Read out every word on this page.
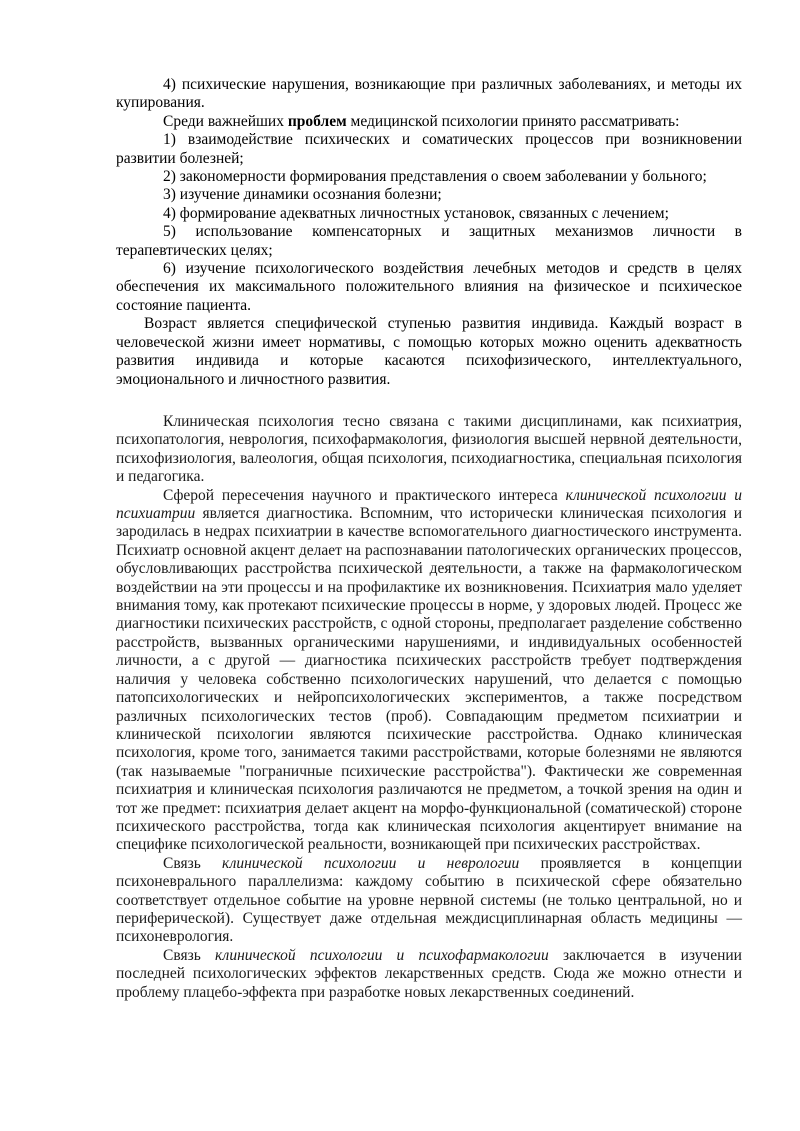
4) психические нарушения, возникающие при различных заболеваниях, и методы их купирования.

Среди важнейших проблем медицинской психологии принято рассматривать:

1) взаимодействие психических и соматических процессов при возникновении развитии болезней;

2) закономерности формирования представления о своем заболевании у больного;

3) изучение динамики осознания болезни;

4) формирование адекватных личностных установок, связанных с лечением;

5) использование компенсаторных и защитных механизмов личности в терапевтических целях;

6) изучение психологического воздействия лечебных методов и средств в целях обеспечения их максимального положительного влияния на физическое и психическое состояние пациента.

Возраст является специфической ступенью развития индивида. Каждый возраст в человеческой жизни имеет нормативы, с помощью которых можно оценить адекватность развития индивида и которые касаются психофизического, интеллектуального, эмоционального и личностного развития.

Клиническая психология тесно связана с такими дисциплинами, как психиатрия, психопатология, неврология, психофармакология, физиология высшей нервной деятельности, психофизиология, валеология, общая психология, психодиагностика, специальная психология и педагогика.

Сферой пересечения научного и практического интереса клинической психологии и психиатрии является диагностика. Вспомним, что исторически клиническая психология и зародилась в недрах психиатрии в качестве вспомогательного диагностического инструмента. Психиатр основной акцент делает на распознавании патологических органических процессов, обусловливающих расстройства психической деятельности, а также на фармакологическом воздействии на эти процессы и на профилактике их возникновения. Психиатрия мало уделяет внимания тому, как протекают психические процессы в норме, у здоровых людей. Процесс же диагностики психических расстройств, с одной стороны, предполагает разделение собственно расстройств, вызванных органическими нарушениями, и индивидуальных особенностей личности, а с другой — диагностика психических расстройств требует подтверждения наличия у человека собственно психологических нарушений, что делается с помощью патопсихологических и нейропсихологических экспериментов, а также посредством различных психологических тестов (проб). Совпадающим предметом психиатрии и клинической психологии являются психические расстройства. Однако клиническая психология, кроме того, занимается такими расстройствами, которые болезнями не являются (так называемые "пограничные психические расстройства"). Фактически же современная психиатрия и клиническая психология различаются не предметом, а точкой зрения на один и тот же предмет: психиатрия делает акцент на морфо-функциональной (соматической) стороне психического расстройства, тогда как клиническая психология акцентирует внимание на специфике психологической реальности, возникающей при психических расстройствах.

Связь клинической психологии и неврологии проявляется в концепции психоневрального параллелизма: каждому событию в психической сфере обязательно соответствует отдельное событие на уровне нервной системы (не только центральной, но и периферической). Существует даже отдельная междисциплинарная область медицины — психоневрология.

Связь клинической психологии и психофармакологии заключается в изучении последней психологических эффектов лекарственных средств. Сюда же можно отнести и проблему плацебо-эффекта при разработке новых лекарственных соединений.
